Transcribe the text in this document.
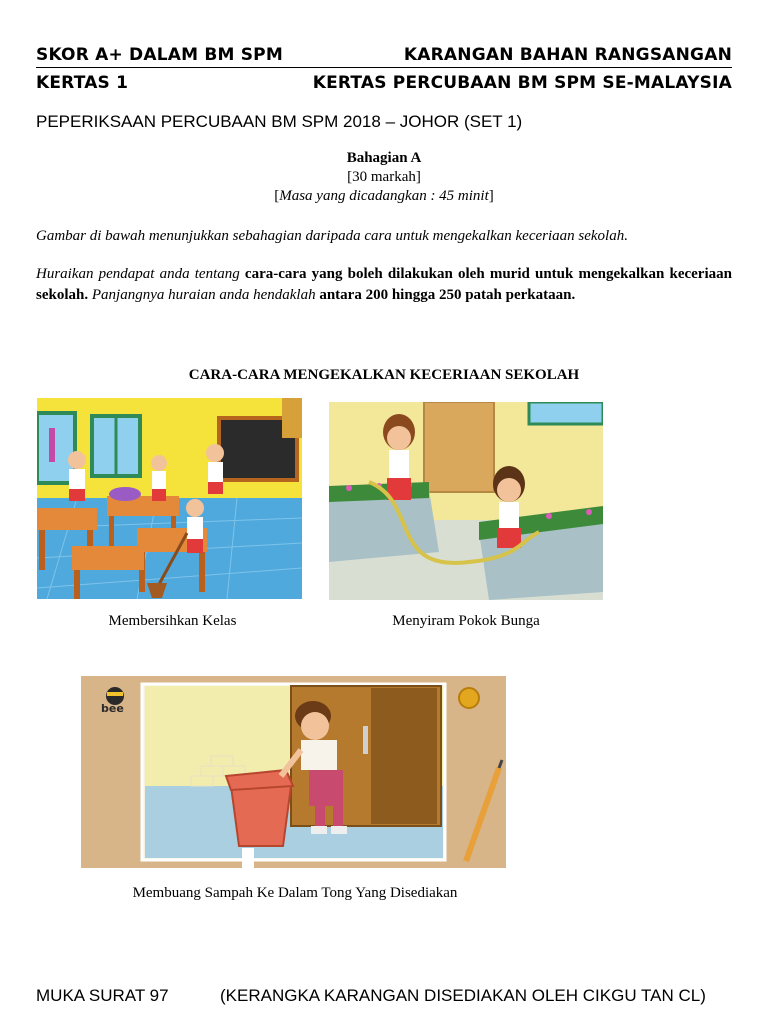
SKOR A+ DALAM BM SPM	KARANGAN BAHAN RANGSANGAN
KERTAS 1	KERTAS PERCUBAAN BM SPM SE-MALAYSIA
PEPERIKSAAN PERCUBAAN BM SPM 2018 – JOHOR (SET 1)
Bahagian A
[30 markah]
[Masa yang dicadangkan : 45 minit]
Gambar di bawah menunjukkan sebahagian daripada cara untuk mengekalkan keceriaan sekolah.
Huraikan pendapat anda tentang cara-cara yang boleh dilakukan oleh murid untuk mengekalkan keceriaan sekolah. Panjangnya huraian anda hendaklah antara 200 hingga 250 patah perkataan.
CARA-CARA MENGEKALKAN KECERIAAN SEKOLAH
Membersihkan Kelas	Menyiram Pokok Bunga
bee
Membuang Sampah Ke Dalam Tong Yang Disediakan
MUKA SURAT 97	(KERANGKA KARANGAN DISEDIAKAN OLEH CIKGU TAN CL)
